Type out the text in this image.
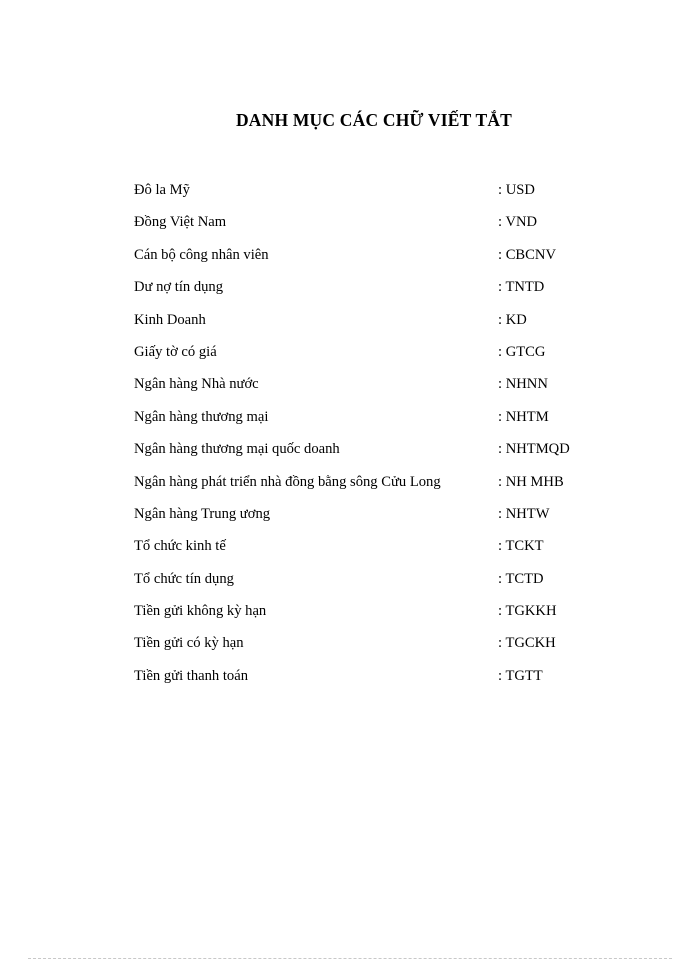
DANH MỤC CÁC CHỮ VIẾT TẮT
Đô la Mỹ	: USD
Đồng Việt Nam	: VND
Cán bộ công nhân viên	: CBCNV
Dư nợ tín dụng	: TNTD
Kinh Doanh	: KD
Giấy tờ có giá	: GTCG
Ngân hàng Nhà nước	: NHNN
Ngân hàng thương mại	: NHTM
Ngân hàng thương mại quốc doanh	: NHTMQD
Ngân hàng phát triển nhà đồng bằng sông Cửu Long	: NH MHB
Ngân hàng Trung ương	: NHTW
Tổ chức kinh tế	: TCKT
Tổ chức tín dụng	: TCTD
Tiền gửi không kỳ hạn	: TGKKH
Tiền gửi có kỳ hạn	: TGCKH
Tiền gửi thanh toán	: TGTT
